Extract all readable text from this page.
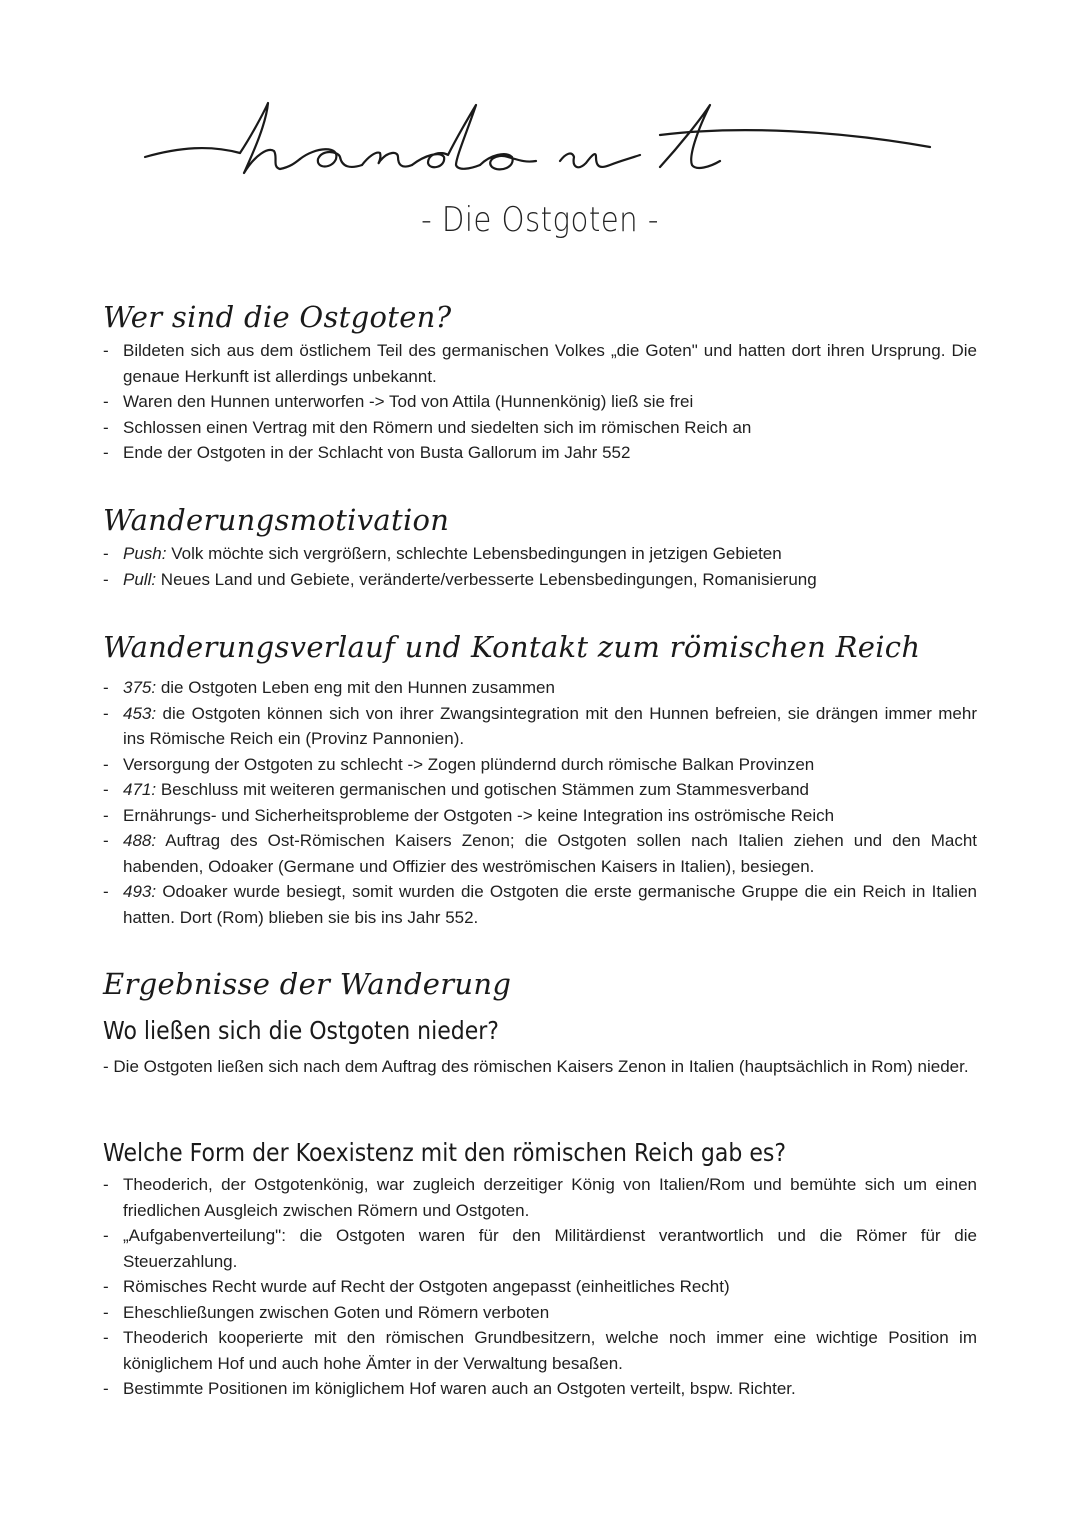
- Die Ostgoten -
Wer sind die Ostgoten?
- Bildeten sich aus dem östlichem Teil des germanischen Volkes „die Goten" und hatten dort ihren Ursprung. Die genaue Herkunft ist allerdings unbekannt.
- Waren den Hunnen unterworfen -> Tod von Attila (Hunnenkönig) ließ sie frei
- Schlossen einen Vertrag mit den Römern und siedelten sich im römischen Reich an
- Ende der Ostgoten in der Schlacht von Busta Gallorum im Jahr 552
Wanderungsmotivation
- Push: Volk möchte sich vergrößern, schlechte Lebensbedingungen in jetzigen Gebieten
- Pull: Neues Land und Gebiete, veränderte/verbesserte Lebensbedingungen, Romanisierung
Wanderungsverlauf und Kontakt zum römischen Reich
- 375: die Ostgoten Leben eng mit den Hunnen zusammen
- 453: die Ostgoten können sich von ihrer Zwangsintegration mit den Hunnen befreien, sie drängen immer mehr ins Römische Reich ein (Provinz Pannonien).
- Versorgung der Ostgoten zu schlecht -> Zogen plündernd durch römische Balkan Provinzen
- 471: Beschluss mit weiteren germanischen und gotischen Stämmen zum Stammesverband
- Ernährungs- und Sicherheitsprobleme der Ostgoten -> keine Integration ins oströmische Reich
- 488: Auftrag des Ost-Römischen Kaisers Zenon; die Ostgoten sollen nach Italien ziehen und den Macht habenden, Odoaker (Germane und Offizier des weströmischen Kaisers in Italien), besiegen.
- 493: Odoaker wurde besiegt, somit wurden die Ostgoten die erste germanische Gruppe die ein Reich in Italien hatten. Dort (Rom) blieben sie bis ins Jahr 552.
Ergebnisse der Wanderung
Wo ließen sich die Ostgoten nieder?

- Die Ostgoten ließen sich nach dem Auftrag des römischen Kaisers Zenon in Italien (hauptsächlich in Rom) nieder.

Welche Form der Koexistenz mit den römischen Reich gab es?
- Theoderich, der Ostgotenkönig, war zugleich derzeitiger König von Italien/Rom und bemühte sich um einen friedlichen Ausgleich zwischen Römern und Ostgoten.
- „Aufgabenverteilung": die Ostgoten waren für den Militärdienst verantwortlich und die Römer für die Steuerzahlung.
- Römisches Recht wurde auf Recht der Ostgoten angepasst (einheitliches Recht)
- Eheschließungen zwischen Goten und Römern verboten
- Theoderich kooperierte mit den römischen Grundbesitzern, welche noch immer eine wichtige Position im königlichem Hof und auch hohe Ämter in der Verwaltung besaßen.
- Bestimmte Positionen im königlichem Hof waren auch an Ostgoten verteilt, bspw. Richter.
